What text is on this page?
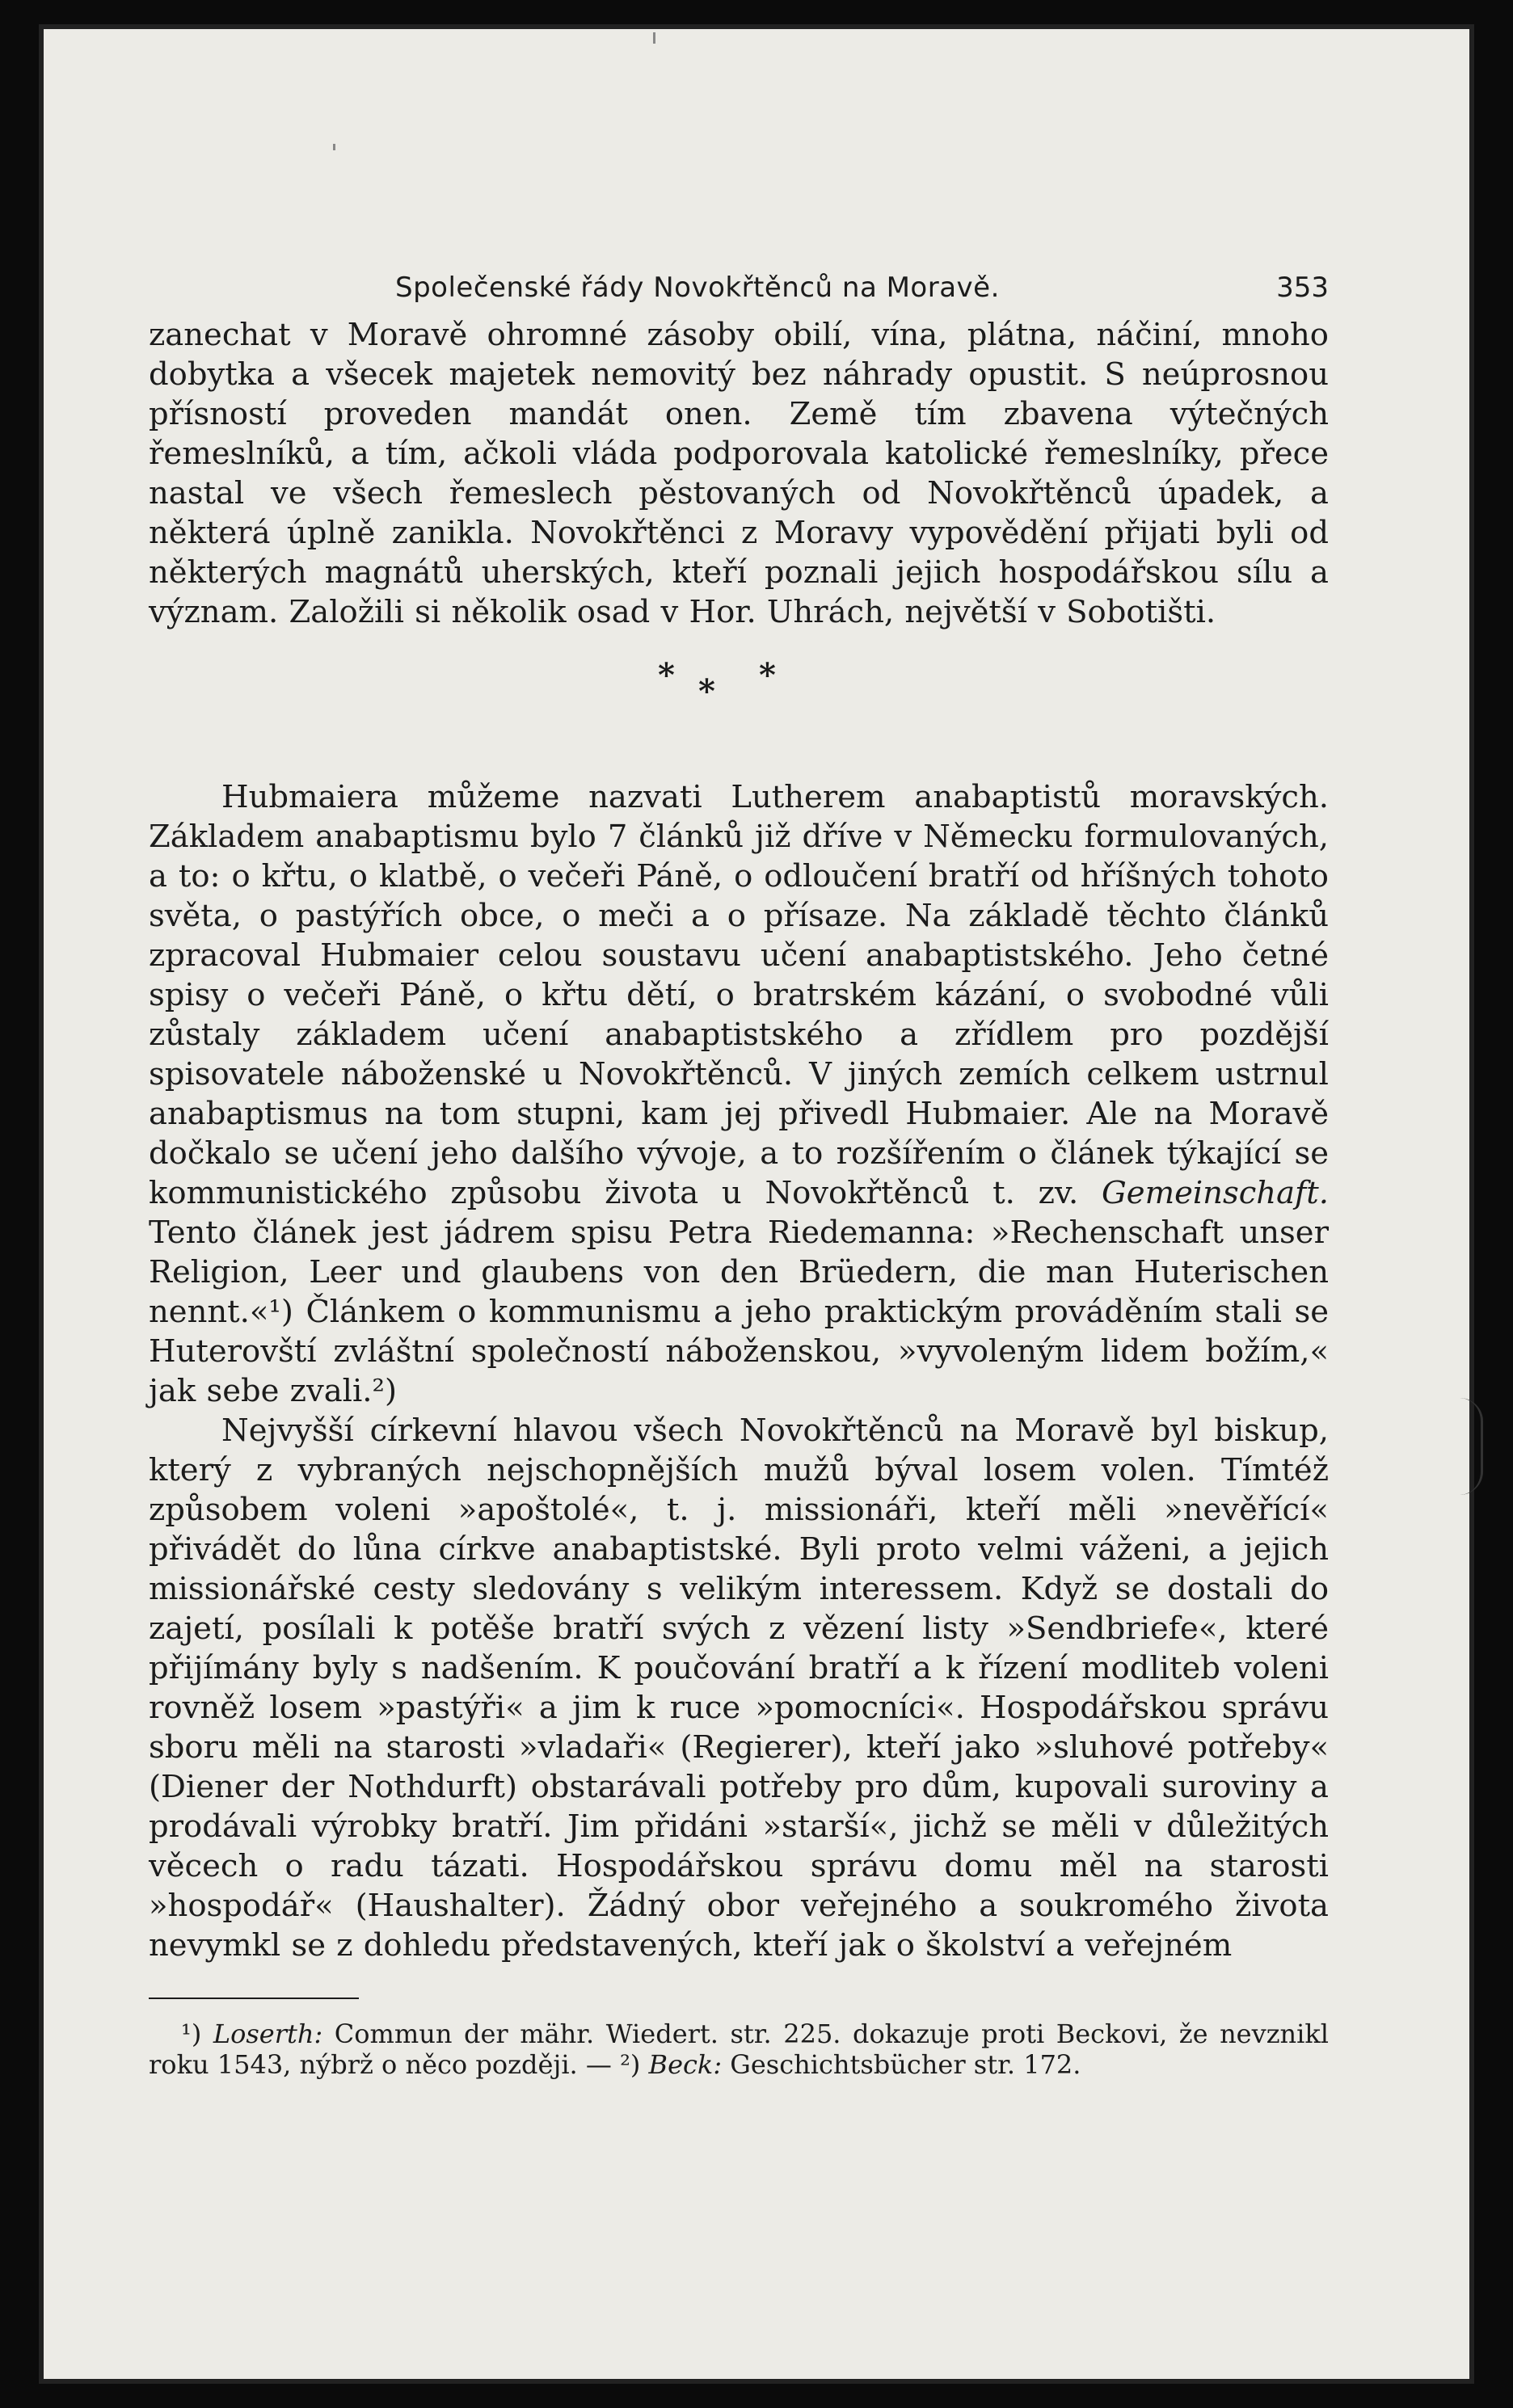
Společenské řády Novokřtěnců na Moravě.	353

zanechat v Moravě ohromné zásoby obilí, vína, plátna, náčiní, mnoho dobytka a všecek majetek nemovitý bez náhrady opustit. S neúprosnou přísností proveden mandát onen. Země tím zbavena výtečných řemeslníků, a tím, ačkoli vláda podporovala katolické řemeslníky, přece nastal ve všech řemeslech pěstovaných od Novokřtěnců úpadek, a některá úplně zanikla. Novokřtěnci z Moravy vypovědění přijati byli od některých magnátů uherských, kteří poznali jejich hospodářskou sílu a význam. Založili si několik osad v Hor. Uhrách, největší v Sobotišti.

* * *

Hubmaiera můžeme nazvati Lutherem anabaptistů moravských. Základem anabaptismu bylo 7 článků již dříve v Německu formulovaných, a to: o křtu, o klatbě, o večeři Páně, o odloučení bratří od hříšných tohoto světa, o pastýřích obce, o meči a o přísaze. Na základě těchto článků zpracoval Hubmaier celou soustavu učení anabaptistského. Jeho četné spisy o večeři Páně, o křtu dětí, o bratrském kázání, o svobodné vůli zůstaly základem učení anabaptistského a zřídlem pro pozdější spisovatele náboženské u Novokřtěnců. V jiných zemích celkem ustrnul anabaptismus na tom stupni, kam jej přivedl Hubmaier. Ale na Moravě dočkalo se učení jeho dalšího vývoje, a to rozšířením o článek týkající se kommunistického způsobu života u Novokřtěnců t. zv. Gemeinschaft. Tento článek jest jádrem spisu Petra Riedemanna: »Rechenschaft unser Religion, Leer und glaubens von den Brüedern, die man Huterischen nennt.«¹) Článkem o kommunismu a jeho praktickým prováděním stali se Huterovští zvláštní společností náboženskou, »vyvoleným lidem božím,« jak sebe zvali.²)

Nejvyšší církevní hlavou všech Novokřtěnců na Moravě byl biskup, který z vybraných nejschopnějších mužů býval losem volen. Tímtéž způsobem voleni »apoštolé«, t. j. missionáři, kteří měli »nevěřící« přivádět do lůna církve anabaptistské. Byli proto velmi váženi, a jejich missionářské cesty sledovány s velikým interessem. Když se dostali do zajetí, posílali k potěše bratří svých z vězení listy »Sendbriefe«, které přijímány byly s nadšením. K poučování bratří a k řízení modliteb voleni rovněž losem »pastýři« a jim k ruce »pomocníci«. Hospodářskou správu sboru měli na starosti »vladaři« (Regierer), kteří jako »sluhové potřeby« (Diener der Nothdurft) obstarávali potřeby pro dům, kupovali suroviny a prodávali výrobky bratří. Jim přidáni »starší«, jichž se měli v důležitých věcech o radu tázati. Hospodářskou správu domu měl na starosti »hospodář« (Haushalter). Žádný obor veřejného a soukromého života nevymkl se z dohledu představených, kteří jak o školství a veřejném

¹) Loserth: Commun der mähr. Wiedert. str. 225. dokazuje proti Beckovi, že nevznikl roku 1543, nýbrž o něco později. — ²) Beck: Geschichtsbücher str. 172.
